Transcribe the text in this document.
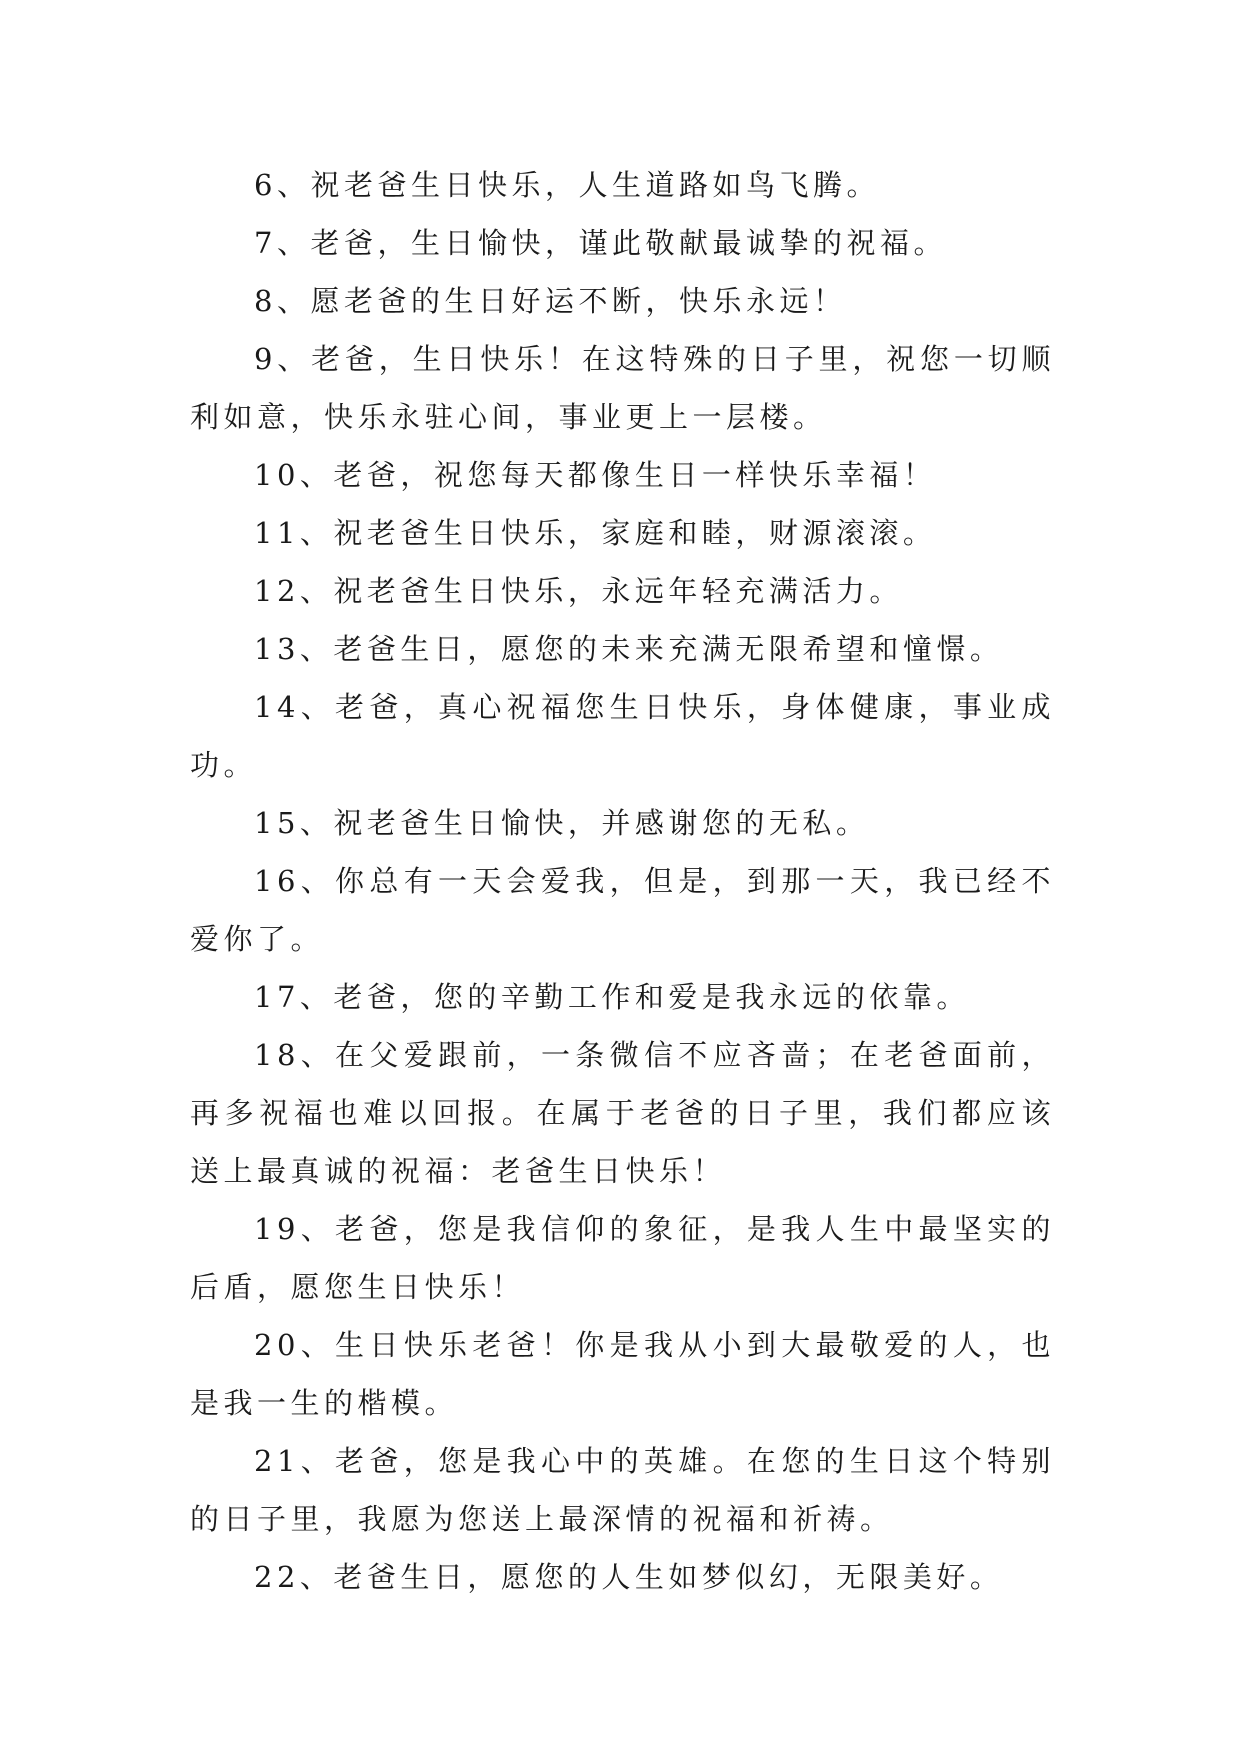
6、祝老爸生日快乐，人生道路如鸟飞腾。

7、老爸，生日愉快，谨此敬献最诚挚的祝福。

8、愿老爸的生日好运不断，快乐永远！

9、老爸，生日快乐！在这特殊的日子里，祝您一切顺利如意，快乐永驻心间，事业更上一层楼。

10、老爸，祝您每天都像生日一样快乐幸福！

11、祝老爸生日快乐，家庭和睦，财源滚滚。

12、祝老爸生日快乐，永远年轻充满活力。

13、老爸生日，愿您的未来充满无限希望和憧憬。

14、老爸，真心祝福您生日快乐，身体健康，事业成功。

15、祝老爸生日愉快，并感谢您的无私。

16、你总有一天会爱我，但是，到那一天，我已经不爱你了。

17、老爸，您的辛勤工作和爱是我永远的依靠。

18、在父爱跟前，一条微信不应吝啬；在老爸面前，再多祝福也难以回报。在属于老爸的日子里，我们都应该送上最真诚的祝福：老爸生日快乐！

19、老爸，您是我信仰的象征，是我人生中最坚实的后盾，愿您生日快乐！

20、生日快乐老爸！你是我从小到大最敬爱的人，也是我一生的楷模。

21、老爸，您是我心中的英雄。在您的生日这个特别的日子里，我愿为您送上最深情的祝福和祈祷。

22、老爸生日，愿您的人生如梦似幻，无限美好。
